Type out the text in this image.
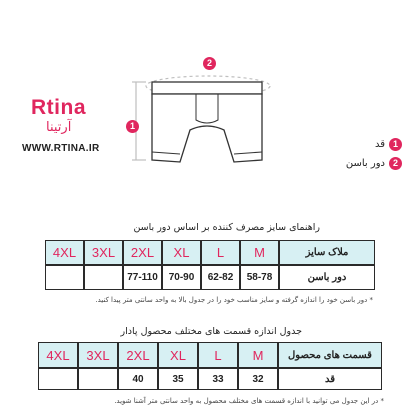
Rtina
آرتینا
WWW.RTINA.IR
1
2
1
قد
2
دور باسن
راهنمای سایز مصرف کننده بر اساس دور باسن
4XL	3XL	2XL	XL	L	M	ملاک سایز
		77-110	70-90	62-82	58-78	دور باسن
* دور باسن خود را اندازه گرفته و سایز مناسب خود را در جدول بالا به واحد سانتی متر پیدا کنید.
جدول اندازه قسمت های مختلف محصول پادار
4XL	3XL	2XL	XL	L	M	قسمت های محصول
		40	35	33	32	قد
* در این جدول می توانید با اندازه قسمت های مختلف محصول به واحد سانتی متر آشنا شوید.
